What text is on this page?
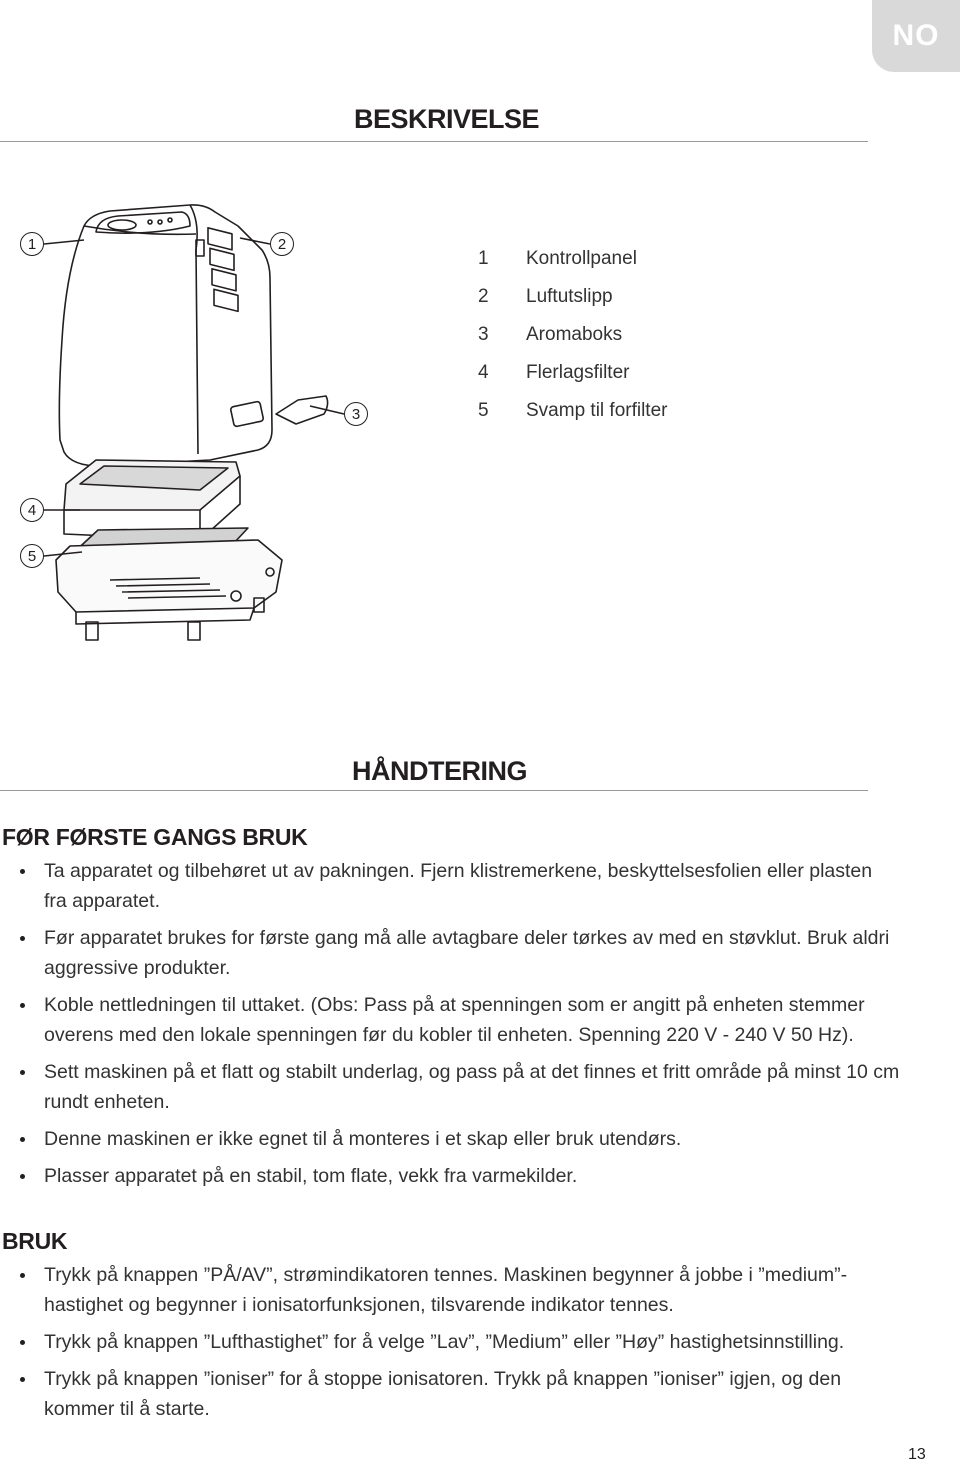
NO
BESKRIVELSE
1	2
3
4
5
1	Kontrollpanel
2	Luftutslipp
3	Aromaboks
4	Flerlagsfilter
5	Svamp til forfilter
HÅNDTERING
FØR FØRSTE GANGS BRUK
Ta apparatet og tilbehøret ut av pakningen. Fjern klistremerkene, beskyttelsesfolien eller plasten fra apparatet.
Før apparatet brukes for første gang må alle avtagbare deler tørkes av med en støvklut. Bruk aldri aggressive produkter.
Koble nettledningen til uttaket. (Obs: Pass på at spenningen som er angitt på enheten stemmer overens med den lokale spenningen før du kobler til enheten. Spenning 220 V - 240 V 50 Hz).
Sett maskinen på et flatt og stabilt underlag, og pass på at det finnes et fritt område på minst 10 cm rundt enheten.
Denne maskinen er ikke egnet til å monteres i et skap eller bruk utendørs.
Plasser apparatet på en stabil, tom flate, vekk fra varmekilder.
BRUK
Trykk på knappen ”PÅ/AV”, strømindikatoren tennes. Maskinen begynner å jobbe i ”medium”-hastighet og begynner i ionisatorfunksjonen, tilsvarende indikator tennes.
Trykk på knappen ”Lufthastighet” for å velge ”Lav”, ”Medium” eller ”Høy” hastighetsinnstilling.
Trykk på knappen ”ioniser” for å stoppe ionisatoren. Trykk på knappen ”ioniser” igjen, og den kommer til å starte.
13
